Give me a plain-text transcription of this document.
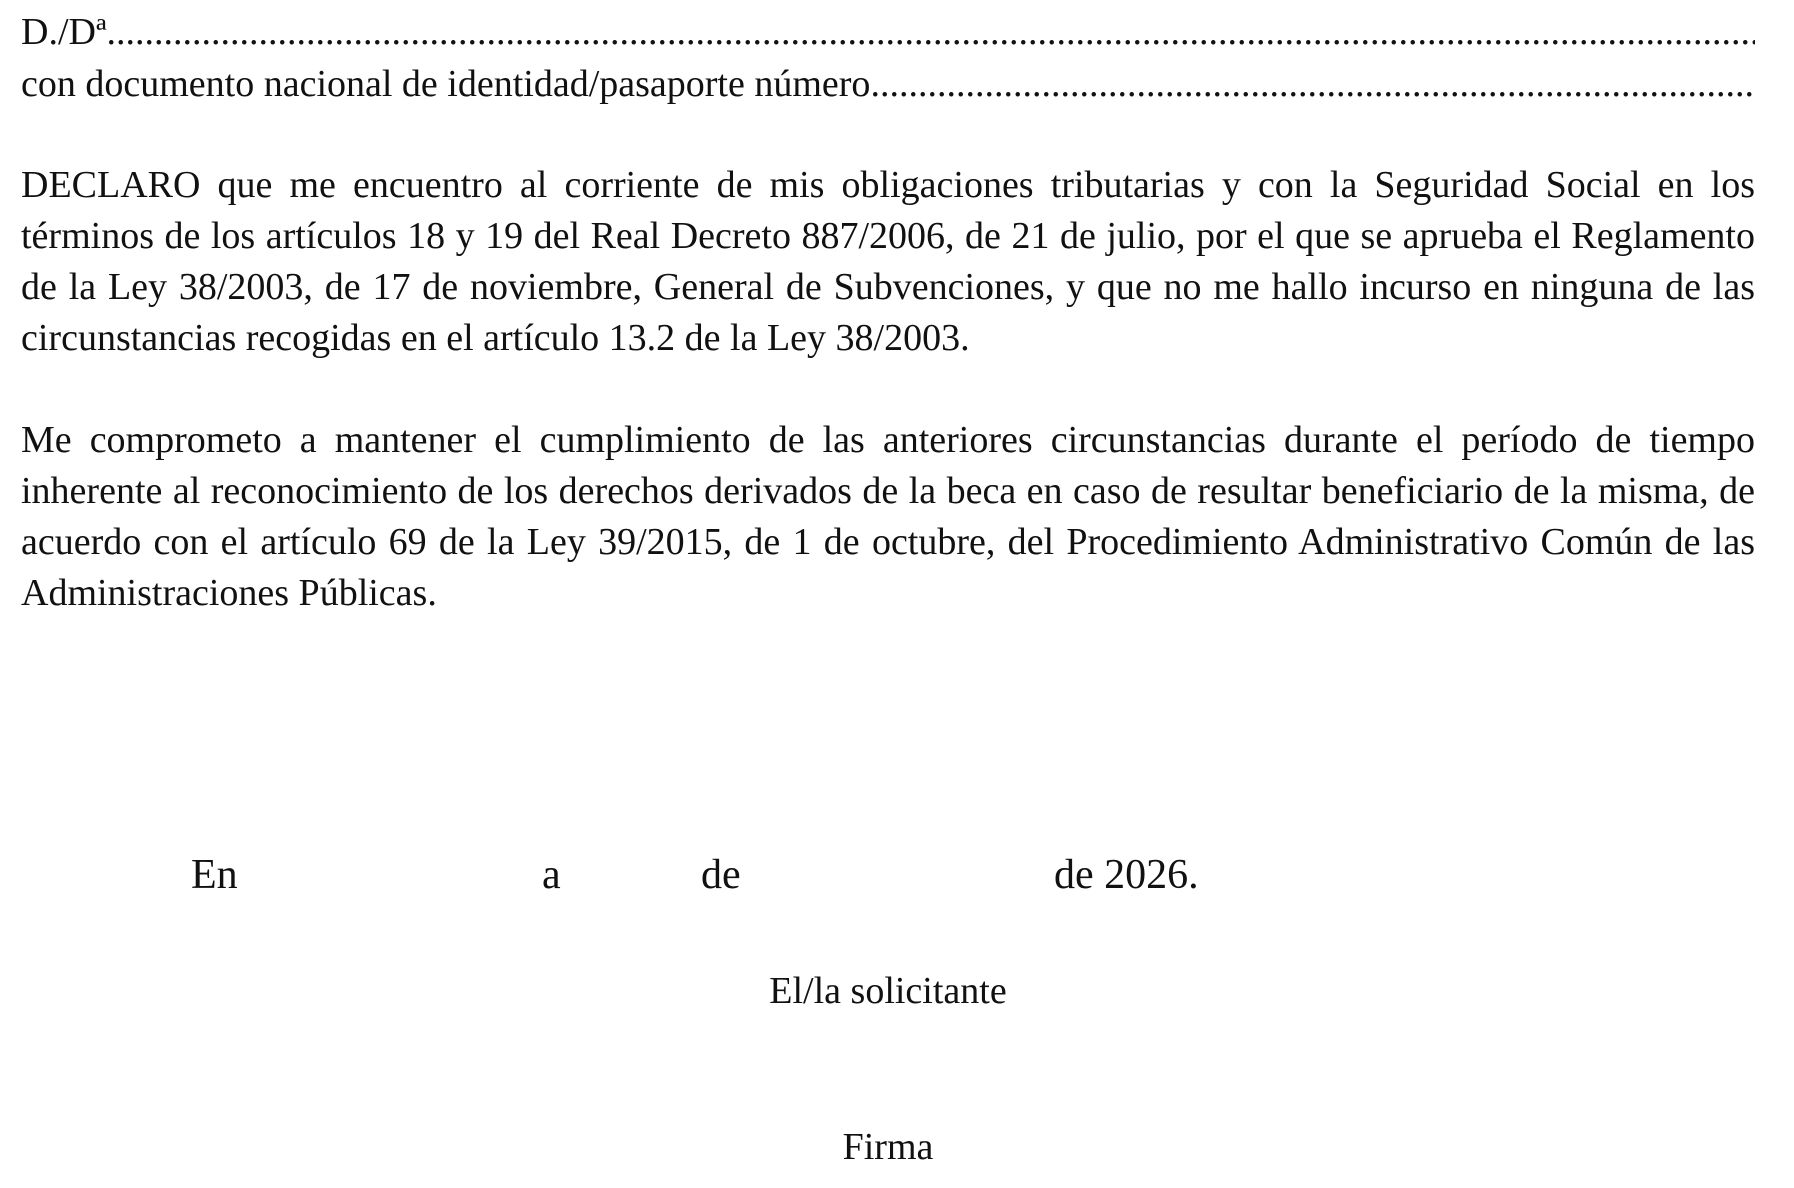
D./Dª
.....
con documento nacional de identidad/pasaporte número
.....

DECLARO que me encuentro al corriente de mis obligaciones tributarias y con la Seguridad Social en los términos de los artículos 18 y 19 del Real Decreto 887/2006, de 21 de julio, por el que se aprueba el Reglamento de la Ley 38/2003, de 17 de noviembre, General de Subvenciones, y que no me hallo incurso en ninguna de las circunstancias recogidas en el artículo 13.2 de la Ley 38/2003.

Me comprometo a mantener el cumplimiento de las anteriores circunstancias durante el período de tiempo inherente al reconocimiento de los derechos derivados de la beca en caso de resultar beneficiario de la misma, de acuerdo con el artículo 69 de la Ley 39/2015, de 1 de octubre, del Procedimiento Administrativo Común de las Administraciones Públicas.

En	a	de	de 2026.
El/la solicitante
Firma
